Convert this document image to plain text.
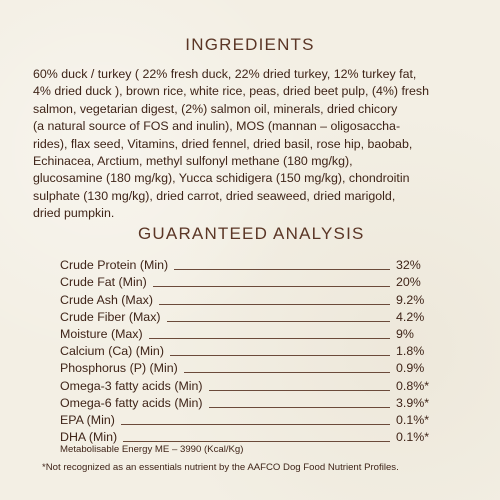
INGREDIENTS
60% duck / turkey ( 22% fresh duck, 22% dried turkey, 12% turkey fat,
4% dried duck ), brown rice, white rice, peas, dried beet pulp, (4%) fresh
salmon, vegetarian digest, (2%) salmon oil, minerals, dried chicory
(a natural source of FOS and inulin), MOS (mannan – oligosaccha-
rides), flax seed, Vitamins, dried fennel, dried basil, rose hip, baobab,
Echinacea, Arctium, methyl sulfonyl methane (180 mg/kg),
glucosamine (180 mg/kg), Yucca schidigera (150 mg/kg), chondroitin
sulphate (130 mg/kg), dried carrot, dried seaweed, dried marigold,
dried pumpkin.
GUARANTEED ANALYSIS
Crude Protein (Min)	32%
Crude Fat (Min)	20%
Crude Ash (Max)	9.2%
Crude Fiber (Max)	4.2%
Moisture (Max)	9%
Calcium (Ca) (Min)	1.8%
Phosphorus (P) (Min)	0.9%
Omega-3 fatty acids (Min)	0.8%*
Omega-6 fatty acids (Min)	3.9%*
EPA (Min)	0.1%*
DHA (Min)	0.1%*
Metabolisable Energy ME – 3990 (Kcal/Kg)
*Not recognized as an essentials nutrient by the AAFCO Dog Food Nutrient Profiles.
